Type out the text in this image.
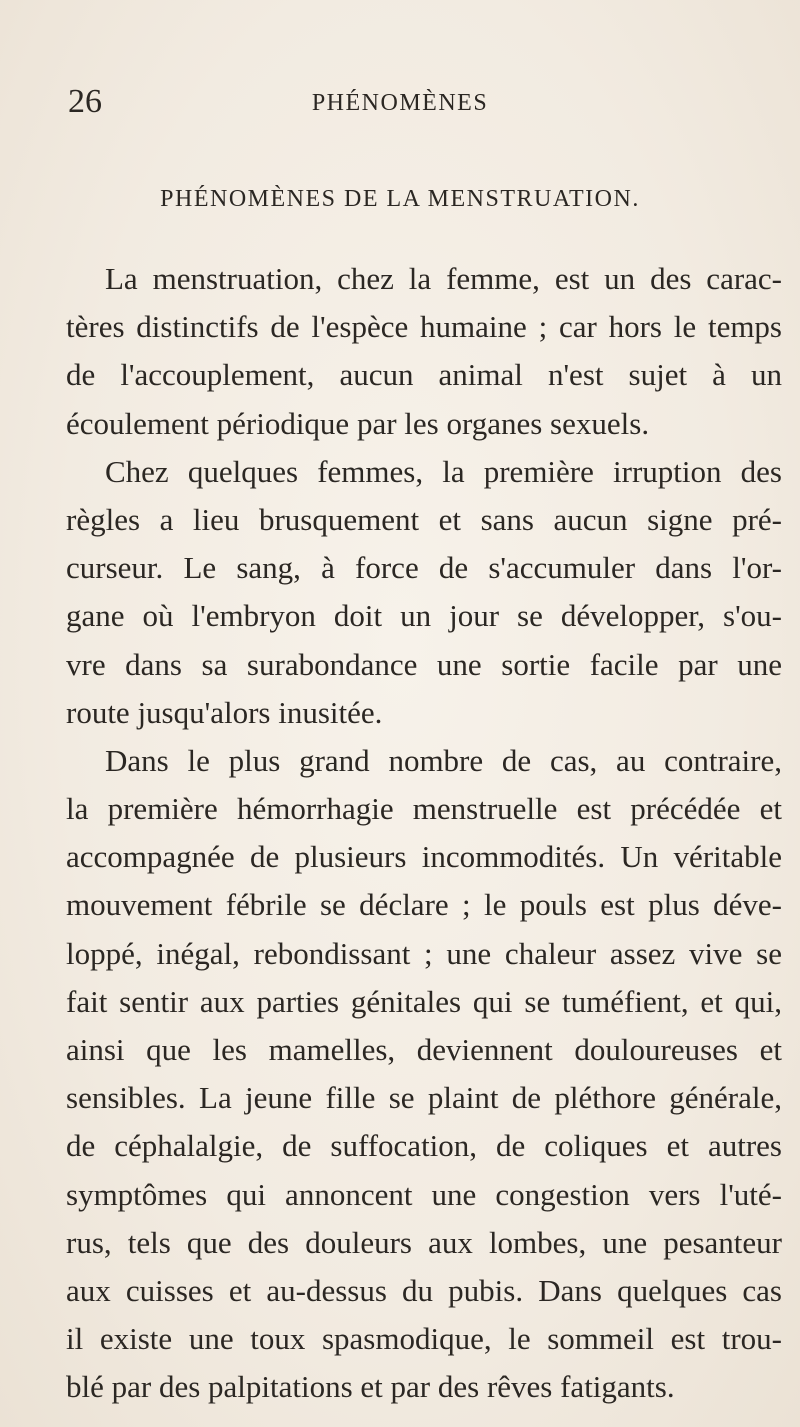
26	PHÉNOMÈNES
PHÉNOMÈNES DE LA MENSTRUATION.
La menstruation, chez la femme, est un des carac-
tères distinctifs de l'espèce humaine ; car hors le temps
de l'accouplement, aucun animal n'est sujet à un
écoulement périodique par les organes sexuels.
Chez quelques femmes, la première irruption des
règles a lieu brusquement et sans aucun signe pré-
curseur. Le sang, à force de s'accumuler dans l'or-
gane où l'embryon doit un jour se développer, s'ou-
vre dans sa surabondance une sortie facile par une
route jusqu'alors inusitée.
Dans le plus grand nombre de cas, au contraire,
la première hémorrhagie menstruelle est précédée et
accompagnée de plusieurs incommodités. Un véritable
mouvement fébrile se déclare ; le pouls est plus déve-
loppé, inégal, rebondissant ; une chaleur assez vive se
fait sentir aux parties génitales qui se tuméfient, et qui,
ainsi que les mamelles, deviennent douloureuses et
sensibles. La jeune fille se plaint de pléthore générale,
de céphalalgie, de suffocation, de coliques et autres
symptômes qui annoncent une congestion vers l'uté-
rus, tels que des douleurs aux lombes, une pesanteur
aux cuisses et au-dessus du pubis. Dans quelques cas
il existe une toux spasmodique, le sommeil est trou-
blé par des palpitations et par des rêves fatigants.
